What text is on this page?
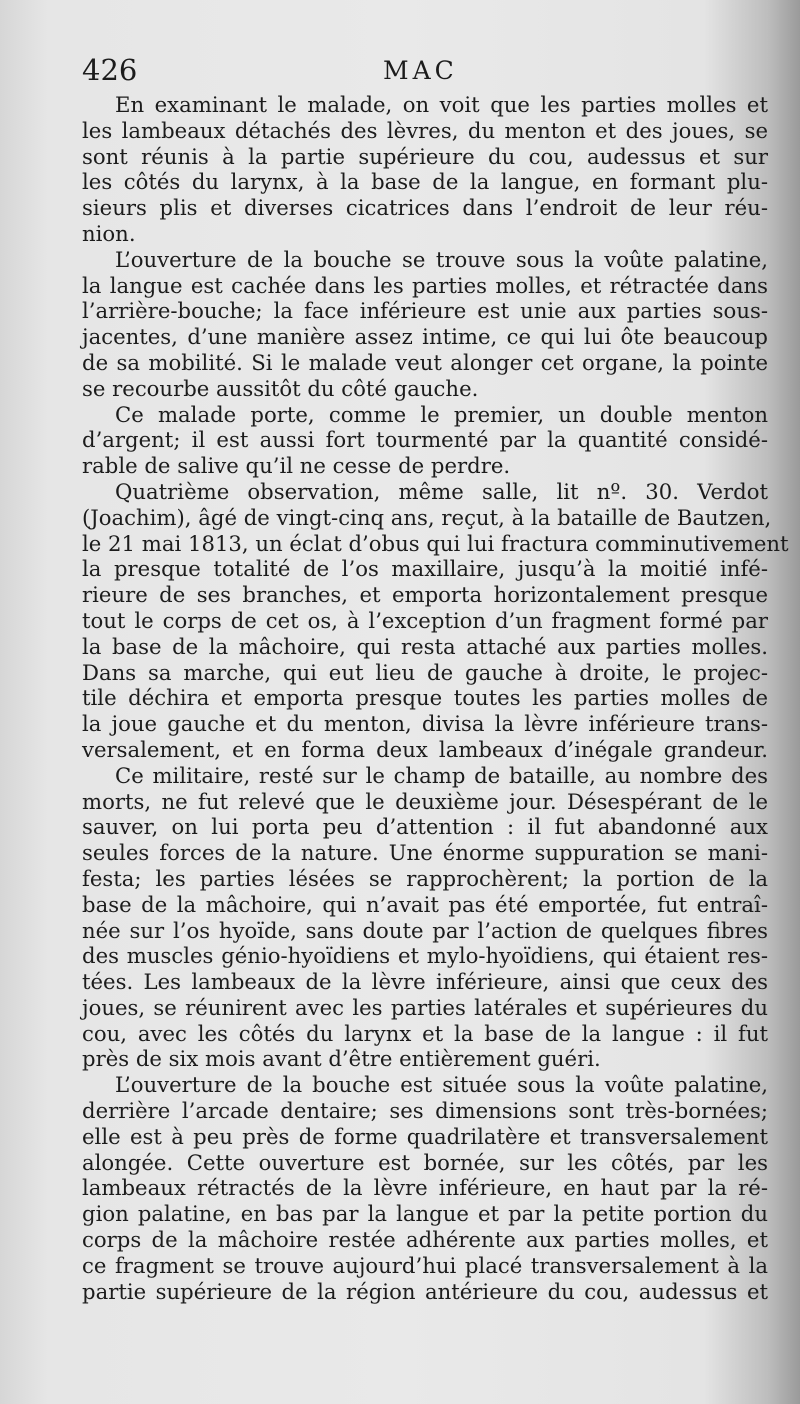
426	MAC
En examinant le malade, on voit que les parties molles et
les lambeaux détachés des lèvres, du menton et des joues, se
sont réunis à la partie supérieure du cou, audessus et sur
les côtés du larynx, à la base de la langue, en formant plu-
sieurs plis et diverses cicatrices dans l’endroit de leur réu-
nion.
L’ouverture de la bouche se trouve sous la voûte palatine,
la langue est cachée dans les parties molles, et rétractée dans
l’arrière-bouche; la face inférieure est unie aux parties sous-
jacentes, d’une manière assez intime, ce qui lui ôte beaucoup
de sa mobilité. Si le malade veut alonger cet organe, la pointe
se recourbe aussitôt du côté gauche.
Ce malade porte, comme le premier, un double menton
d’argent; il est aussi fort tourmenté par la quantité considé-
rable de salive qu’il ne cesse de perdre.
Quatrième observation, même salle, lit nº. 30. Verdot
(Joachim), âgé de vingt-cinq ans, reçut, à la bataille de Bautzen,
le 21 mai 1813, un éclat d’obus qui lui fractura comminutivement
la presque totalité de l’os maxillaire, jusqu’à la moitié infé-
rieure de ses branches, et emporta horizontalement presque
tout le corps de cet os, à l’exception d’un fragment formé par
la base de la mâchoire, qui resta attaché aux parties molles.
Dans sa marche, qui eut lieu de gauche à droite, le projec-
tile déchira et emporta presque toutes les parties molles de
la joue gauche et du menton, divisa la lèvre inférieure trans-
versalement, et en forma deux lambeaux d’inégale grandeur.
Ce militaire, resté sur le champ de bataille, au nombre des
morts, ne fut relevé que le deuxième jour. Désespérant de le
sauver, on lui porta peu d’attention : il fut abandonné aux
seules forces de la nature. Une énorme suppuration se mani-
festa; les parties lésées se rapprochèrent; la portion de la
base de la mâchoire, qui n’avait pas été emportée, fut entraî-
née sur l’os hyoïde, sans doute par l’action de quelques fibres
des muscles génio-hyoïdiens et mylo-hyoïdiens, qui étaient res-
tées. Les lambeaux de la lèvre inférieure, ainsi que ceux des
joues, se réunirent avec les parties latérales et supérieures du
cou, avec les côtés du larynx et la base de la langue : il fut
près de six mois avant d’être entièrement guéri.
L’ouverture de la bouche est située sous la voûte palatine,
derrière l’arcade dentaire; ses dimensions sont très-bornées;
elle est à peu près de forme quadrilatère et transversalement
alongée. Cette ouverture est bornée, sur les côtés, par les
lambeaux rétractés de la lèvre inférieure, en haut par la ré-
gion palatine, en bas par la langue et par la petite portion du
corps de la mâchoire restée adhérente aux parties molles, et
ce fragment se trouve aujourd’hui placé transversalement à la
partie supérieure de la région antérieure du cou, audessus et
